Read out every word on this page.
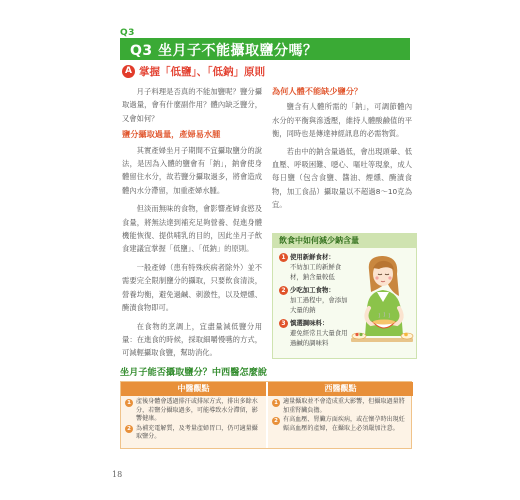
Q3
Q3 坐月子不能攝取鹽分嗎？
A 掌握「低鹽」、「低鈉」原則

月子料理是否真的不能加鹽呢？鹽分攝取過量，會有什麼副作用？體內缺乏鹽分，又會如何？

鹽分攝取過量，產婦易水腫

其實產婦坐月子期間不宜攝取鹽分的說法，是因為入體的鹽會有「鈉」，鈉會使身體留住水分，故若鹽分攝取過多，將會造成體內水分滯留，加重產婦水腫。

但淡而無味的食物，會影響產婦食慾及食量，將無法達到補充足夠營養、促進身體機能恢復、提供哺乳的目的，因此坐月子飲食建議宜掌握「低鹽」、「低鈉」的原則。

一般產婦（患有特殊疾病者除外）並不需要完全限制鹽分的攝取，只要飲食清淡，營養均衡，避免過鹹、刺激性，以及煙燻、醃漬食物即可。

在食物的烹調上，宜盡量減低鹽分用量：在進食的時候，採取細嚼慢嚥的方式，可減輕攝取食鹽，幫助消化。

為何人體不能缺少鹽分？

鹽含有人體所需的「鈉」，可調節體內水分的平衡與滲透壓，維持人體酸鹼值的平衡，同時也是傳達神經訊息的必需物質。

若由中的鈉含量過低，會出現頭暈、低血壓、呼吸困難、噁心、嘔吐等現象，成人每日鹽（包含食鹽、醬油、煙燻、醃漬食物，加工食品）攝取量以不超過8～10克為宜。

飲食中如何減少鈉含量
1 使用新鮮食材：
不妨加工的新鮮食材，鈉含量較低
2 少吃加工食物：
加工過程中，會添加大量的鈉
3 慎選調味料：
避免經常且大量食用過鹹的調味料
坐月子能否攝取鹽分？中西醫怎麼說
中醫觀點	西醫觀點
1 產後身體會透過排汗或排尿方式，排出多餘水分，若鹽分攝取過多，可能導致水分滯留，影響健康。
2 為補充電解質，及考量產婦胃口，仍可適量攝取鹽分。
1 適量攝取並不會造成重大影響，但攝取過量將加重腎臟負擔。
2 有高血壓、腎臟方面疾病，或在懷孕時出現妊娠高血壓的產婦，在攝取上必須嚴加注意。
18
